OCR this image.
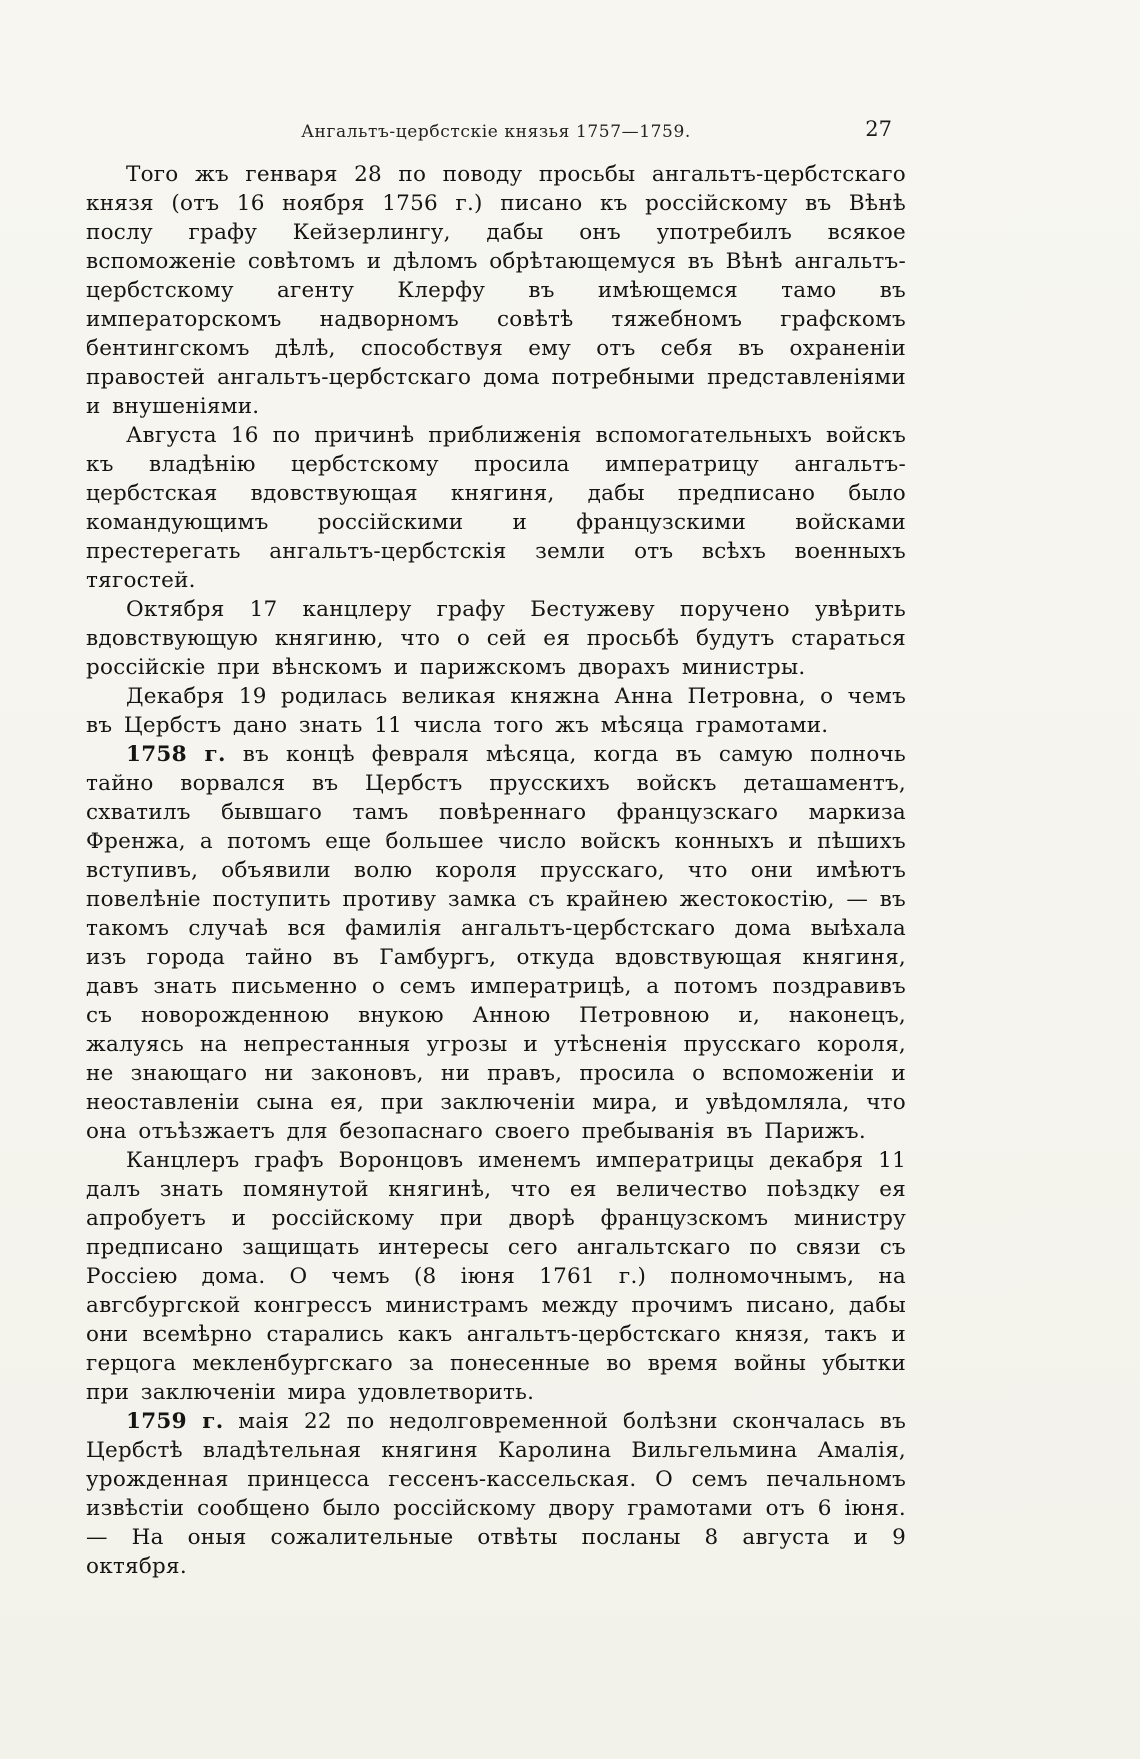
Ангальтъ-цербстскіе князья 1757—1759.	27

Того жъ генваря 28 по поводу просьбы ангальтъ-цербстскаго князя (отъ 16 ноября 1756 г.) писано къ россійскому въ Вѣнѣ послу графу Кейзерлингу, дабы онъ употребилъ всякое вспоможеніе совѣтомъ и дѣломъ обрѣтающемуся въ Вѣнѣ ангальтъ-цербстскому агенту Клерфу въ имѣющемся тамо въ императорскомъ надворномъ совѣтѣ тяжебномъ графскомъ бентингскомъ дѣлѣ, способствуя ему отъ себя въ охраненіи правостей ангальтъ-цербстскаго дома потребными представленіями и внушеніями.

Августа 16 по причинѣ приближенія вспомогательныхъ войскъ къ владѣнію цербстскому просила императрицу ангальтъ-цербстская вдовствующая княгиня, дабы предписано было командующимъ россійскими и французскими войсками престерегать ангальтъ-цербстскія земли отъ всѣхъ военныхъ тягостей.

Октября 17 канцлеру графу Бестужеву поручено увѣрить вдовствующую княгиню, что о сей ея просьбѣ будутъ стараться россійскіе при вѣнскомъ и парижскомъ дворахъ министры.

Декабря 19 родилась великая княжна Анна Петровна, о чемъ въ Цербстъ дано знать 11 числа того жъ мѣсяца грамотами.

1758 г. въ концѣ февраля мѣсяца, когда въ самую полночь тайно ворвался въ Цербстъ прусскихъ войскъ деташаментъ, схватилъ бывшаго тамъ повѣреннаго французскаго маркиза Френжа, а потомъ еще большее число войскъ конныхъ и пѣшихъ вступивъ, объявили волю короля прусскаго, что они имѣютъ повелѣніе поступить противу замка съ крайнею жестокостію, — въ такомъ случаѣ вся фамилія ангальтъ-цербстскаго дома выѣхала изъ города тайно въ Гамбургъ, откуда вдовствующая княгиня, давъ знать письменно о семъ императрицѣ, а потомъ поздравивъ съ новорожденною внукою Анною Петровною и, наконецъ, жалуясь на непрестанныя угрозы и утѣсненія прусскаго короля, не знающаго ни законовъ, ни правъ, просила о вспоможеніи и неоставленіи сына ея, при заключеніи мира, и увѣдомляла, что она отъѣзжаетъ для безопаснаго своего пребыванія въ Парижъ.

Канцлеръ графъ Воронцовъ именемъ императрицы декабря 11 далъ знать помянутой княгинѣ, что ея величество поѣздку ея апробуетъ и россійскому при дворѣ французскомъ министру предписано защищать интересы сего ангальтскаго по связи съ Россіею дома. О чемъ (8 іюня 1761 г.) полномочнымъ, на авгсбургской конгрессъ министрамъ между прочимъ писано, дабы они всемѣрно старались какъ ангальтъ-цербстскаго князя, такъ и герцога мекленбургскаго за понесенные во время войны убытки при заключеніи мира удовлетворить.

1759 г. маія 22 по недолговременной болѣзни скончалась въ Цербстѣ владѣтельная княгиня Каролина Вильгельмина Амалія, урожденная принцесса гессенъ-кассельская. О семъ печальномъ извѣстіи сообщено было россійскому двору грамотами отъ 6 іюня. — На оныя сожалительные отвѣты посланы 8 августа и 9 октября.
